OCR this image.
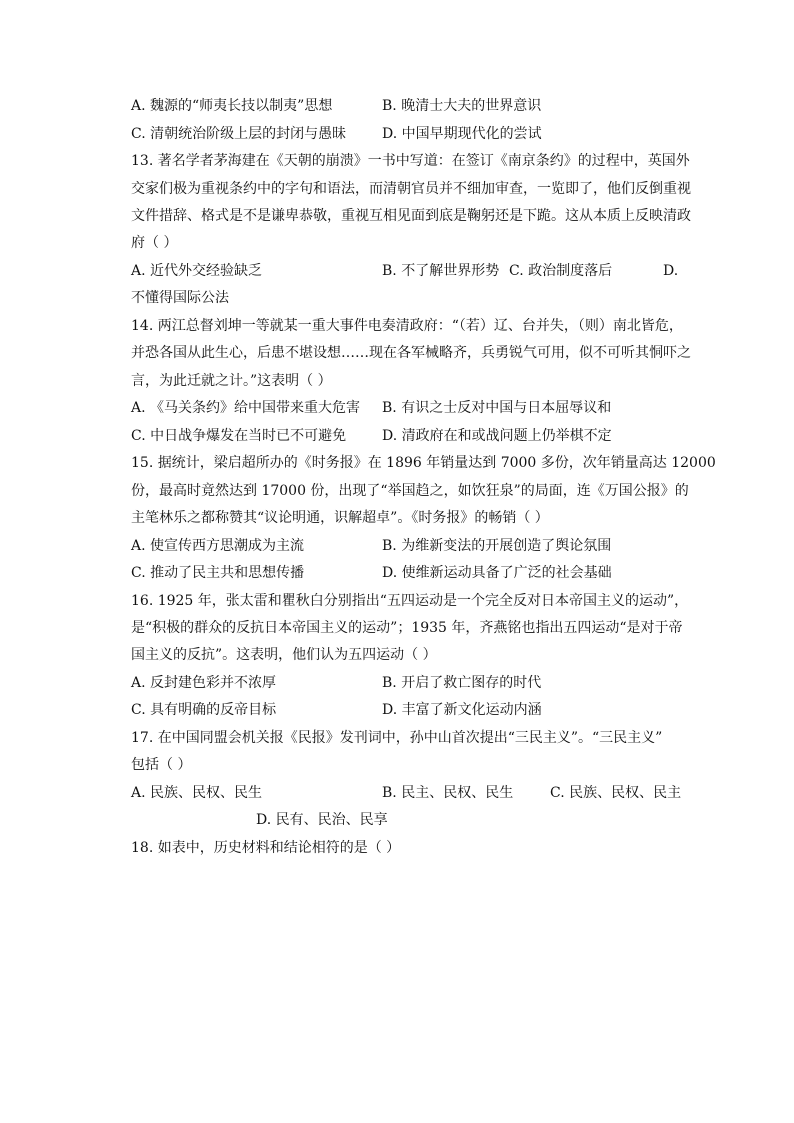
A. 魏源的“师夷长技以制夷”思想	B. 晚清士大夫的世界意识
C. 清朝统治阶级上层的封闭与愚昧	D. 中国早期现代化的尝试
13. 著名学者茅海建在《天朝的崩溃》一书中写道：在签订《南京条约》的过程中，英国外
交家们极为重视条约中的字句和语法，而清朝官员并不细加审查，一览即了，他们反倒重视
文件措辞、格式是不是谦卑恭敬，重视互相见面到底是鞠躬还是下跪。这从本质上反映清政
府（ ）
A. 近代外交经验缺乏	B. 不了解世界形势 C. 政治制度落后	D.
不懂得国际公法
14. 两江总督刘坤一等就某一重大事件电奏清政府：“（若）辽、台并失，（则）南北皆危，
并恐各国从此生心，后患不堪设想……现在各军械略齐，兵勇锐气可用，似不可听其恫吓之
言，为此迁就之计。”这表明（ ）
A. 《马关条约》给中国带来重大危害 B. 有识之士反对中国与日本屈辱议和
C. 中日战争爆发在当时已不可避免	D. 清政府在和或战问题上仍举棋不定
15. 据统计，梁启超所办的《时务报》在 1896 年销量达到 7000 多份，次年销量高达 12000
份，最高时竟然达到 17000 份，出现了“举国趋之，如饮狂泉”的局面，连《万国公报》的
主笔林乐之都称赞其“议论明通，识解超卓”。《时务报》的畅销（ ）
A. 使宣传西方思潮成为主流	B. 为维新变法的开展创造了舆论氛围
C. 推动了民主共和思想传播	D. 使维新运动具备了广泛的社会基础
16. 1925 年，张太雷和瞿秋白分别指出“五四运动是一个完全反对日本帝国主义的运动”，
是“积极的群众的反抗日本帝国主义的运动”；1935 年，齐燕铭也指出五四运动“是对于帝
国主义的反抗”。这表明，他们认为五四运动（ ）
A. 反封建色彩并不浓厚	B. 开启了救亡图存的时代
C. 具有明确的反帝目标	D. 丰富了新文化运动内涵
17. 在中国同盟会机关报《民报》发刊词中，孙中山首次提出“三民主义”。“三民主义”
包括（ ）
A. 民族、民权、民生	B. 民主、民权、民生	C. 民族、民权、民主
D. 民有、民治、民享
18. 如表中，历史材料和结论相符的是（ ）
